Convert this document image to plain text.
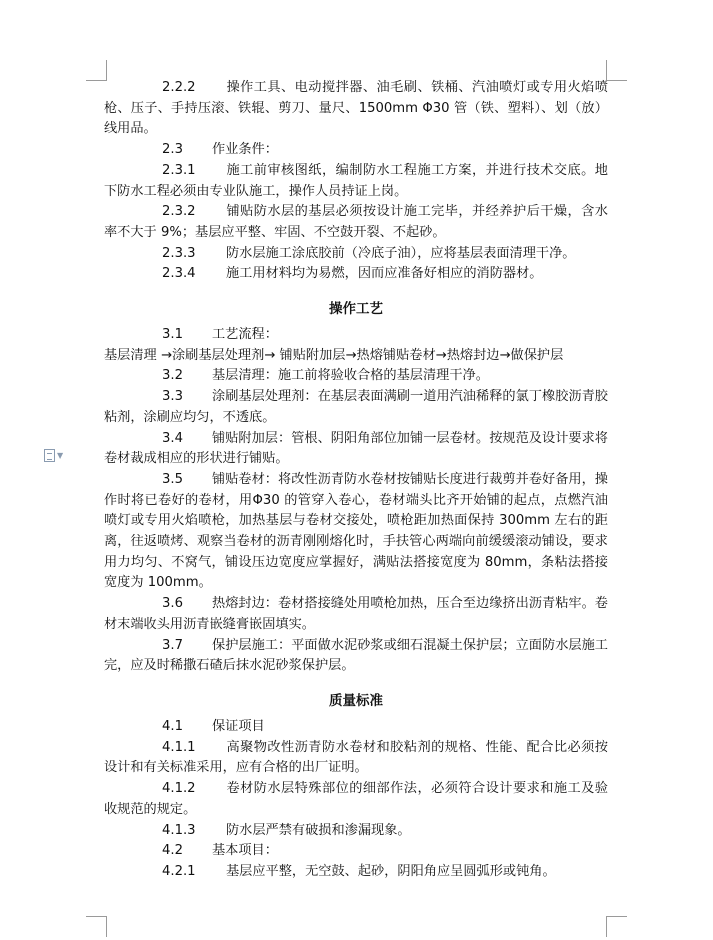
▼

2.2.2 操作工具、电动搅拌器、油毛刷、铁桶、汽油喷灯或专用火焰喷枪、压子、手持压滚、铁辊、剪刀、量尺、1500mm Φ30 管（铁、塑料）、划（放）线用品。

2.3 作业条件：

2.3.1 施工前审核图纸，编制防水工程施工方案，并进行技术交底。地下防水工程必须由专业队施工，操作人员持证上岗。

2.3.2 铺贴防水层的基层必须按设计施工完毕，并经养护后干燥，含水率不大于 9%；基层应平整、牢固、不空鼓开裂、不起砂。

2.3.3 防水层施工涂底胶前（冷底子油），应将基层表面清理干净。

2.3.4 施工用材料均为易燃，因而应准备好相应的消防器材。

操作工艺

3.1 工艺流程：

基层清理 →涂刷基层处理剂→ 铺贴附加层→热熔铺贴卷材→热熔封边→做保护层

3.2 基层清理：施工前将验收合格的基层清理干净。

3.3 涂刷基层处理剂：在基层表面满刷一道用汽油稀释的氯丁橡胶沥青胶粘剂，涂刷应均匀，不透底。

3.4 铺贴附加层：管根、阴阳角部位加铺一层卷材。按规范及设计要求将卷材裁成相应的形状进行铺贴。

3.5 铺贴卷材：将改性沥青防水卷材按铺贴长度进行裁剪并卷好备用，操作时将已卷好的卷材，用Φ30 的管穿入卷心，卷材端头比齐开始铺的起点，点燃汽油喷灯或专用火焰喷枪，加热基层与卷材交接处，喷枪距加热面保持 300mm 左右的距离，往返喷烤、观察当卷材的沥青刚刚熔化时，手扶管心两端向前缓缓滚动铺设，要求用力均匀、不窝气，铺设压边宽度应掌握好，满贴法搭接宽度为 80mm，条粘法搭接宽度为 100mm。

3.6 热熔封边：卷材搭接缝处用喷枪加热，压合至边缘挤出沥青粘牢。卷材末端收头用沥青嵌缝膏嵌固填实。

3.7 保护层施工：平面做水泥砂浆或细石混凝土保护层；立面防水层施工完，应及时稀撒石碴后抹水泥砂浆保护层。

质量标准

4.1 保证项目

4.1.1 高聚物改性沥青防水卷材和胶粘剂的规格、性能、配合比必须按设计和有关标准采用，应有合格的出厂证明。

4.1.2 卷材防水层特殊部位的细部作法，必须符合设计要求和施工及验收规范的规定。

4.1.3 防水层严禁有破损和渗漏现象。

4.2 基本项目：

4.2.1 基层应平整，无空鼓、起砂，阴阳角应呈圆弧形或钝角。
